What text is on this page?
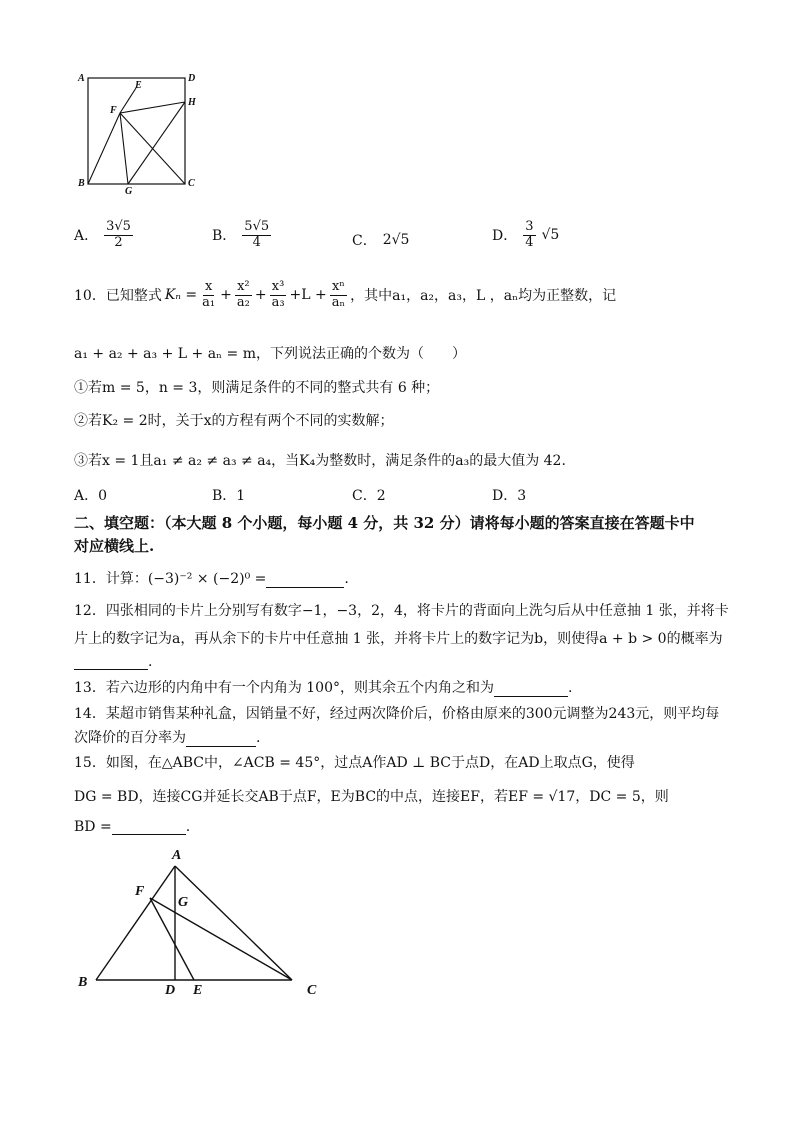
A
E
D
F
H
B
G
C
A． $\frac{3√5}{2}$	B． $\frac{5√5}{4}$	C． 2√5	D． $\frac{3}{4} √5$
10．已知整式 $K_n = \frac{x}{\text{a₁}} + \frac{\text{x²}}{\text{a₂}} + \frac{\text{x³}}{\text{a₃}} +L + \frac{\text{xⁿ}}{\text{aₙ}}$ ，其中a₁，a₂，a₃，L ，aₙ均为正整数，记
a₁ + a₂ + a₃ + L + aₙ = m，下列说法正确的个数为（　　）
①若m = 5，n = 3，则满足条件的不同的整式共有 6 种；
②若K₂ = 2时，关于x的方程有两个不同的实数解；
③若x = 1且a₁ ≠ a₂ ≠ a₃ ≠ a₄，当K₄为整数时，满足条件的a₃的最大值为 42.
A．0	B．1	C．2	D．3
二、填空题：（本大题 8 个小题，每小题 4 分，共 32 分）请将每小题的答案直接在答题卡中
对应横线上.
11．计算：(−3)⁻² × (−2)⁰ =	.
12．四张相同的卡片上分别写有数字−1，−3，2，4，将卡片的背面向上洗匀后从中任意抽 1 张，并将卡
片上的数字记为a，再从余下的卡片中任意抽 1 张，并将卡片上的数字记为b，则使得a + b > 0的概率为
.
13．若六边形的内角中有一个内角为 100°，则其余五个内角之和为	.
14．某超市销售某种礼盒，因销量不好，经过两次降价后，价格由原来的300元调整为243元，则平均每
次降价的百分率为	.
15．如图，在△ABC中，∠ACB = 45°，过点A作AD ⊥ BC于点D，在AD上取点G，使得
DG = BD，连接CG并延长交AB于点F，E为BC的中点，连接EF，若EF = √17，DC = 5，则
BD =	.
A
F
G
B
D E	C
